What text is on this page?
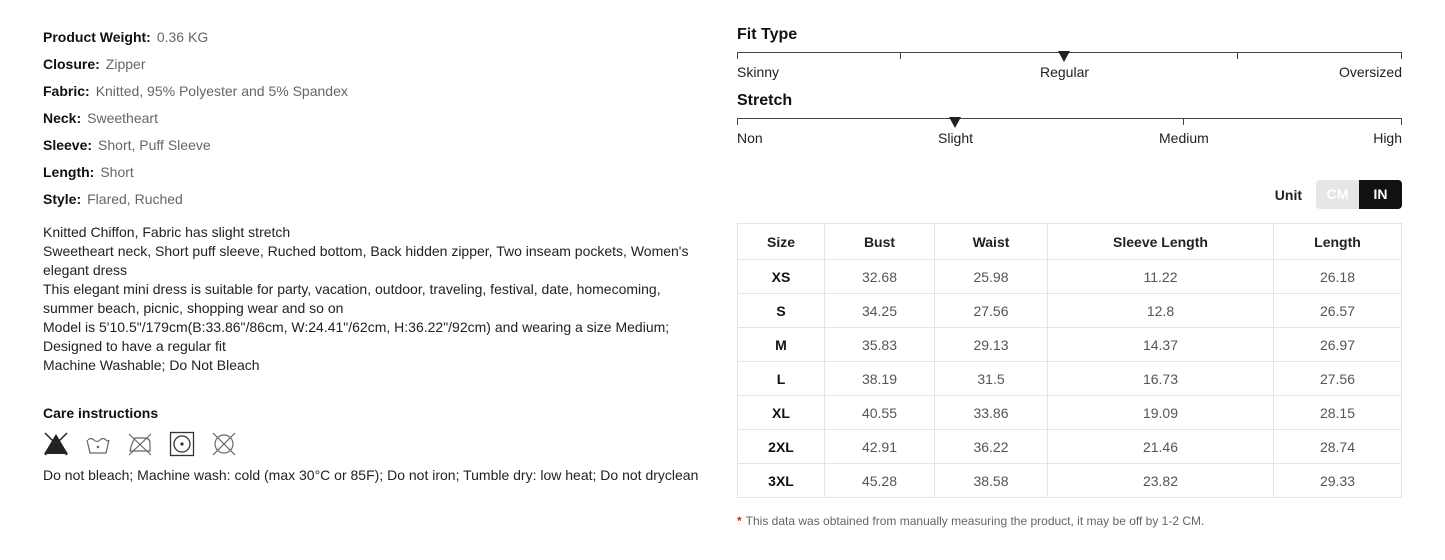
Product Weight: 0.36 KG
Closure: Zipper
Fabric: Knitted, 95% Polyester and 5% Spandex
Neck: Sweetheart
Sleeve: Short, Puff Sleeve
Length: Short
Style: Flared, Ruched
Knitted Chiffon, Fabric has slight stretch
Sweetheart neck, Short puff sleeve, Ruched bottom, Back hidden zipper, Two inseam pockets, Women's elegant dress
This elegant mini dress is suitable for party, vacation, outdoor, traveling, festival, date, homecoming, summer beach, picnic, shopping wear and so on
Model is 5'10.5"/179cm(B:33.86"/86cm, W:24.41"/62cm, H:36.22"/92cm) and wearing a size Medium; Designed to have a regular fit
Machine Washable; Do Not Bleach
Care instructions
Do not bleach; Machine wash: cold (max 30°C or 85F); Do not iron; Tumble dry: low heat; Do not dryclean
Fit Type
Skinny	Regular	Oversized
Stretch
Non	Slight	Medium	High
Unit	CM	IN
Size	Bust	Waist	Sleeve Length	Length
XS	32.68	25.98	11.22	26.18
S	34.25	27.56	12.8	26.57
M	35.83	29.13	14.37	26.97
L	38.19	31.5	16.73	27.56
XL	40.55	33.86	19.09	28.15
2XL	42.91	36.22	21.46	28.74
3XL	45.28	38.58	23.82	29.33
* This data was obtained from manually measuring the product, it may be off by 1-2 CM.
